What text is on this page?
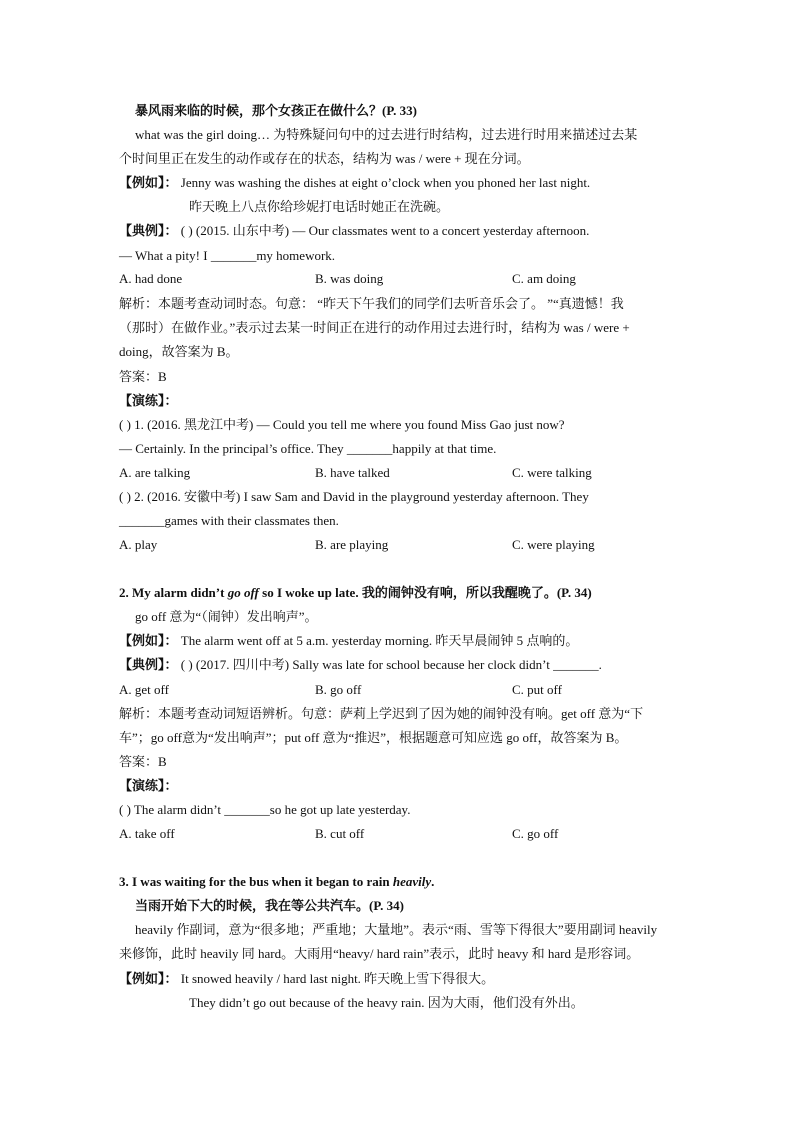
暴风雨来临的时候，那个女孩正在做什么？(P. 33)
what was the girl doing… 为特殊疑问句中的过去进行时结构，过去进行时用来描述过去某
个时间里正在发生的动作或存在的状态，结构为 was / were + 现在分词。
【例如】： Jenny was washing the dishes at eight o’clock when you phoned her last night.
昨天晚上八点你给珍妮打电话时她正在洗碗。
【典例】： ( ) (2015. 山东中考) — Our classmates went to a concert yesterday afternoon.
— What a pity! I _______my homework.
A. had done	B. was doing	C. am doing
解析：本题考查动词时态。句意： “昨天下午我们的同学们去听音乐会了。 ”“真遗憾！我
（那时）在做作业。”表示过去某一时间正在进行的动作用过去进行时，结构为 was / were +
doing，故答案为 B。
答案：B
【演练】：
( ) 1. (2016. 黑龙江中考) — Could you tell me where you found Miss Gao just now?
— Certainly. In the principal’s office. They _______happily at that time.
A. are talking	B. have talked	C. were talking
( ) 2. (2016. 安徽中考) I saw Sam and David in the playground yesterday afternoon. They
_______games with their classmates then.
A. play	B. are playing	C. were playing
2. My alarm didn’t go off so I woke up late. 我的闹钟没有响，所以我醒晚了。(P. 34)
go off 意为“（闹钟）发出响声”。
【例如】： The alarm went off at 5 a.m. yesterday morning. 昨天早晨闹钟 5 点响的。
【典例】： ( ) (2017. 四川中考) Sally was late for school because her clock didn’t _______.
A. get off	B. go off	C. put off
解析：本题考查动词短语辨析。句意：萨莉上学迟到了因为她的闹钟没有响。get off 意为“下
车”；go off意为“发出响声”；put off 意为“推迟”，根据题意可知应选 go off，故答案为 B。
答案：B
【演练】：
( ) The alarm didn’t _______so he got up late yesterday.
A. take off	B. cut off	C. go off
3. I was waiting for the bus when it began to rain heavily.
当雨开始下大的时候，我在等公共汽车。(P. 34)
heavily 作副词，意为“很多地；严重地；大量地”。表示“雨、雪等下得很大”要用副词 heavily
来修饰，此时 heavily 同 hard。大雨用“heavy/ hard rain”表示，此时 heavy 和 hard 是形容词。
【例如】： It snowed heavily / hard last night. 昨天晚上雪下得很大。
They didn’t go out because of the heavy rain. 因为大雨，他们没有外出。
